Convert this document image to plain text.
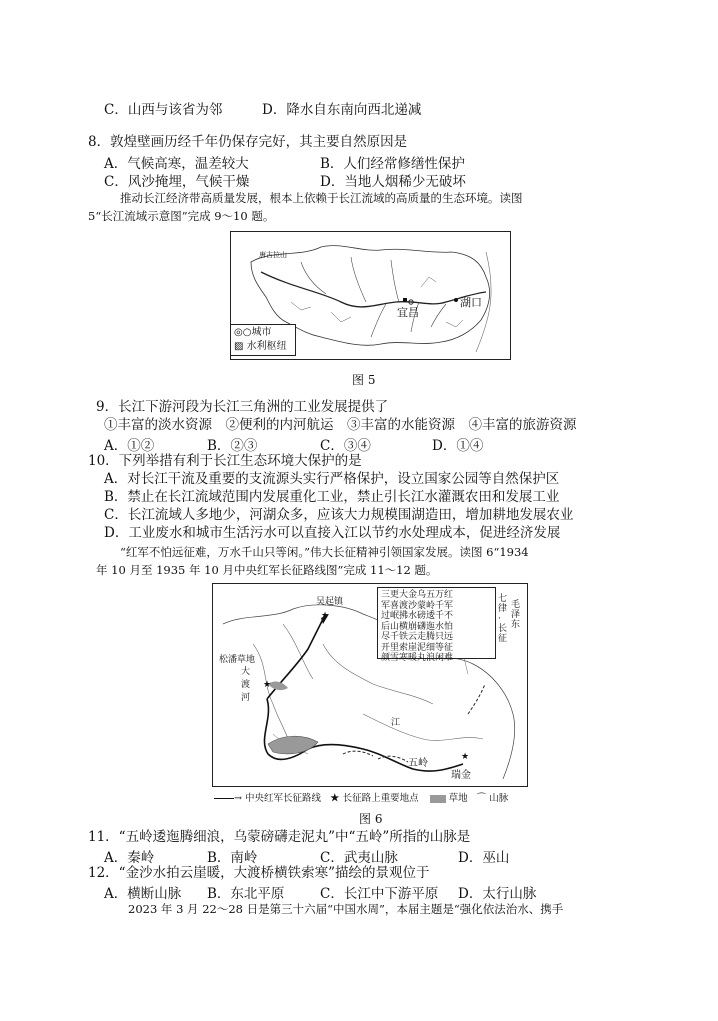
C．山西与该省为邻	D．降水自东南向西北递减
8．敦煌壁画历经千年仍保存完好，其主要自然原因是
A．气候高寒，温差较大	B．人们经常修缮性保护
C．风沙掩埋，气候干燥	D．当地人烟稀少无破坏
推动长江经济带高质量发展，根本上依赖于长江流域的高质量的生态环境。读图
5“长江流域示意图”完成 9～10 题。
唐古拉山
宜昌
湖口
◎○城市
▨ 水利枢纽
图 5
9．长江下游河段为长江三角洲的工业发展提供了
①丰富的淡水资源　②便利的内河航运　③丰富的水能资源　④丰富的旅游资源
A．①②	B．②③	C．③④	D．①④
10．下列举措有利于长江生态环境大保护的是
A．对长江干流及重要的支流源头实行严格保护，设立国家公园等自然保护区
B．禁止在长江流域范围内发展重化工业，禁止引长江水灌溉农田和发展工业
C．长江流域人多地少，河湖众多，应该大力规模围湖造田，增加耕地发展农业
D．工业废水和城市生活污水可以直接入江以节约水处理成本，促进经济发展
“红军不怕远征难，万水千山只等闲。”伟大长征精神引领国家发展。读图 6“1934
年 10 月至 1935 年 10 月中央红军长征路线图”完成 11～12 题。
★
★
★
吴起镇
松潘草地
大渡河
江
五岭
瑞金
三更大金乌五万红
军喜渡沙蒙岭千军
过岷拂水磅逶千不
后山横崩礴迤水怕
尽千铁云走腾只远
开里索崖泥细等征
颜雪寒暖丸浪闲难
七律·长征
毛泽东
→ 中央红军长征路线 ★ 长征路上重要地点	草地 ⌒ 山脉
图 6
11．“五岭逶迤腾细浪，乌蒙磅礴走泥丸”中“五岭”所指的山脉是
A．秦岭	B．南岭	C．武夷山脉	D．巫山
12．“金沙水拍云崖暖，大渡桥横铁索寒”描绘的景观位于
A．横断山脉 B．东北平原	C．长江中下游平原 D．太行山脉
2023 年 3 月 22～28 日是第三十六届“中国水周”，本届主题是“强化依法治水、携手
